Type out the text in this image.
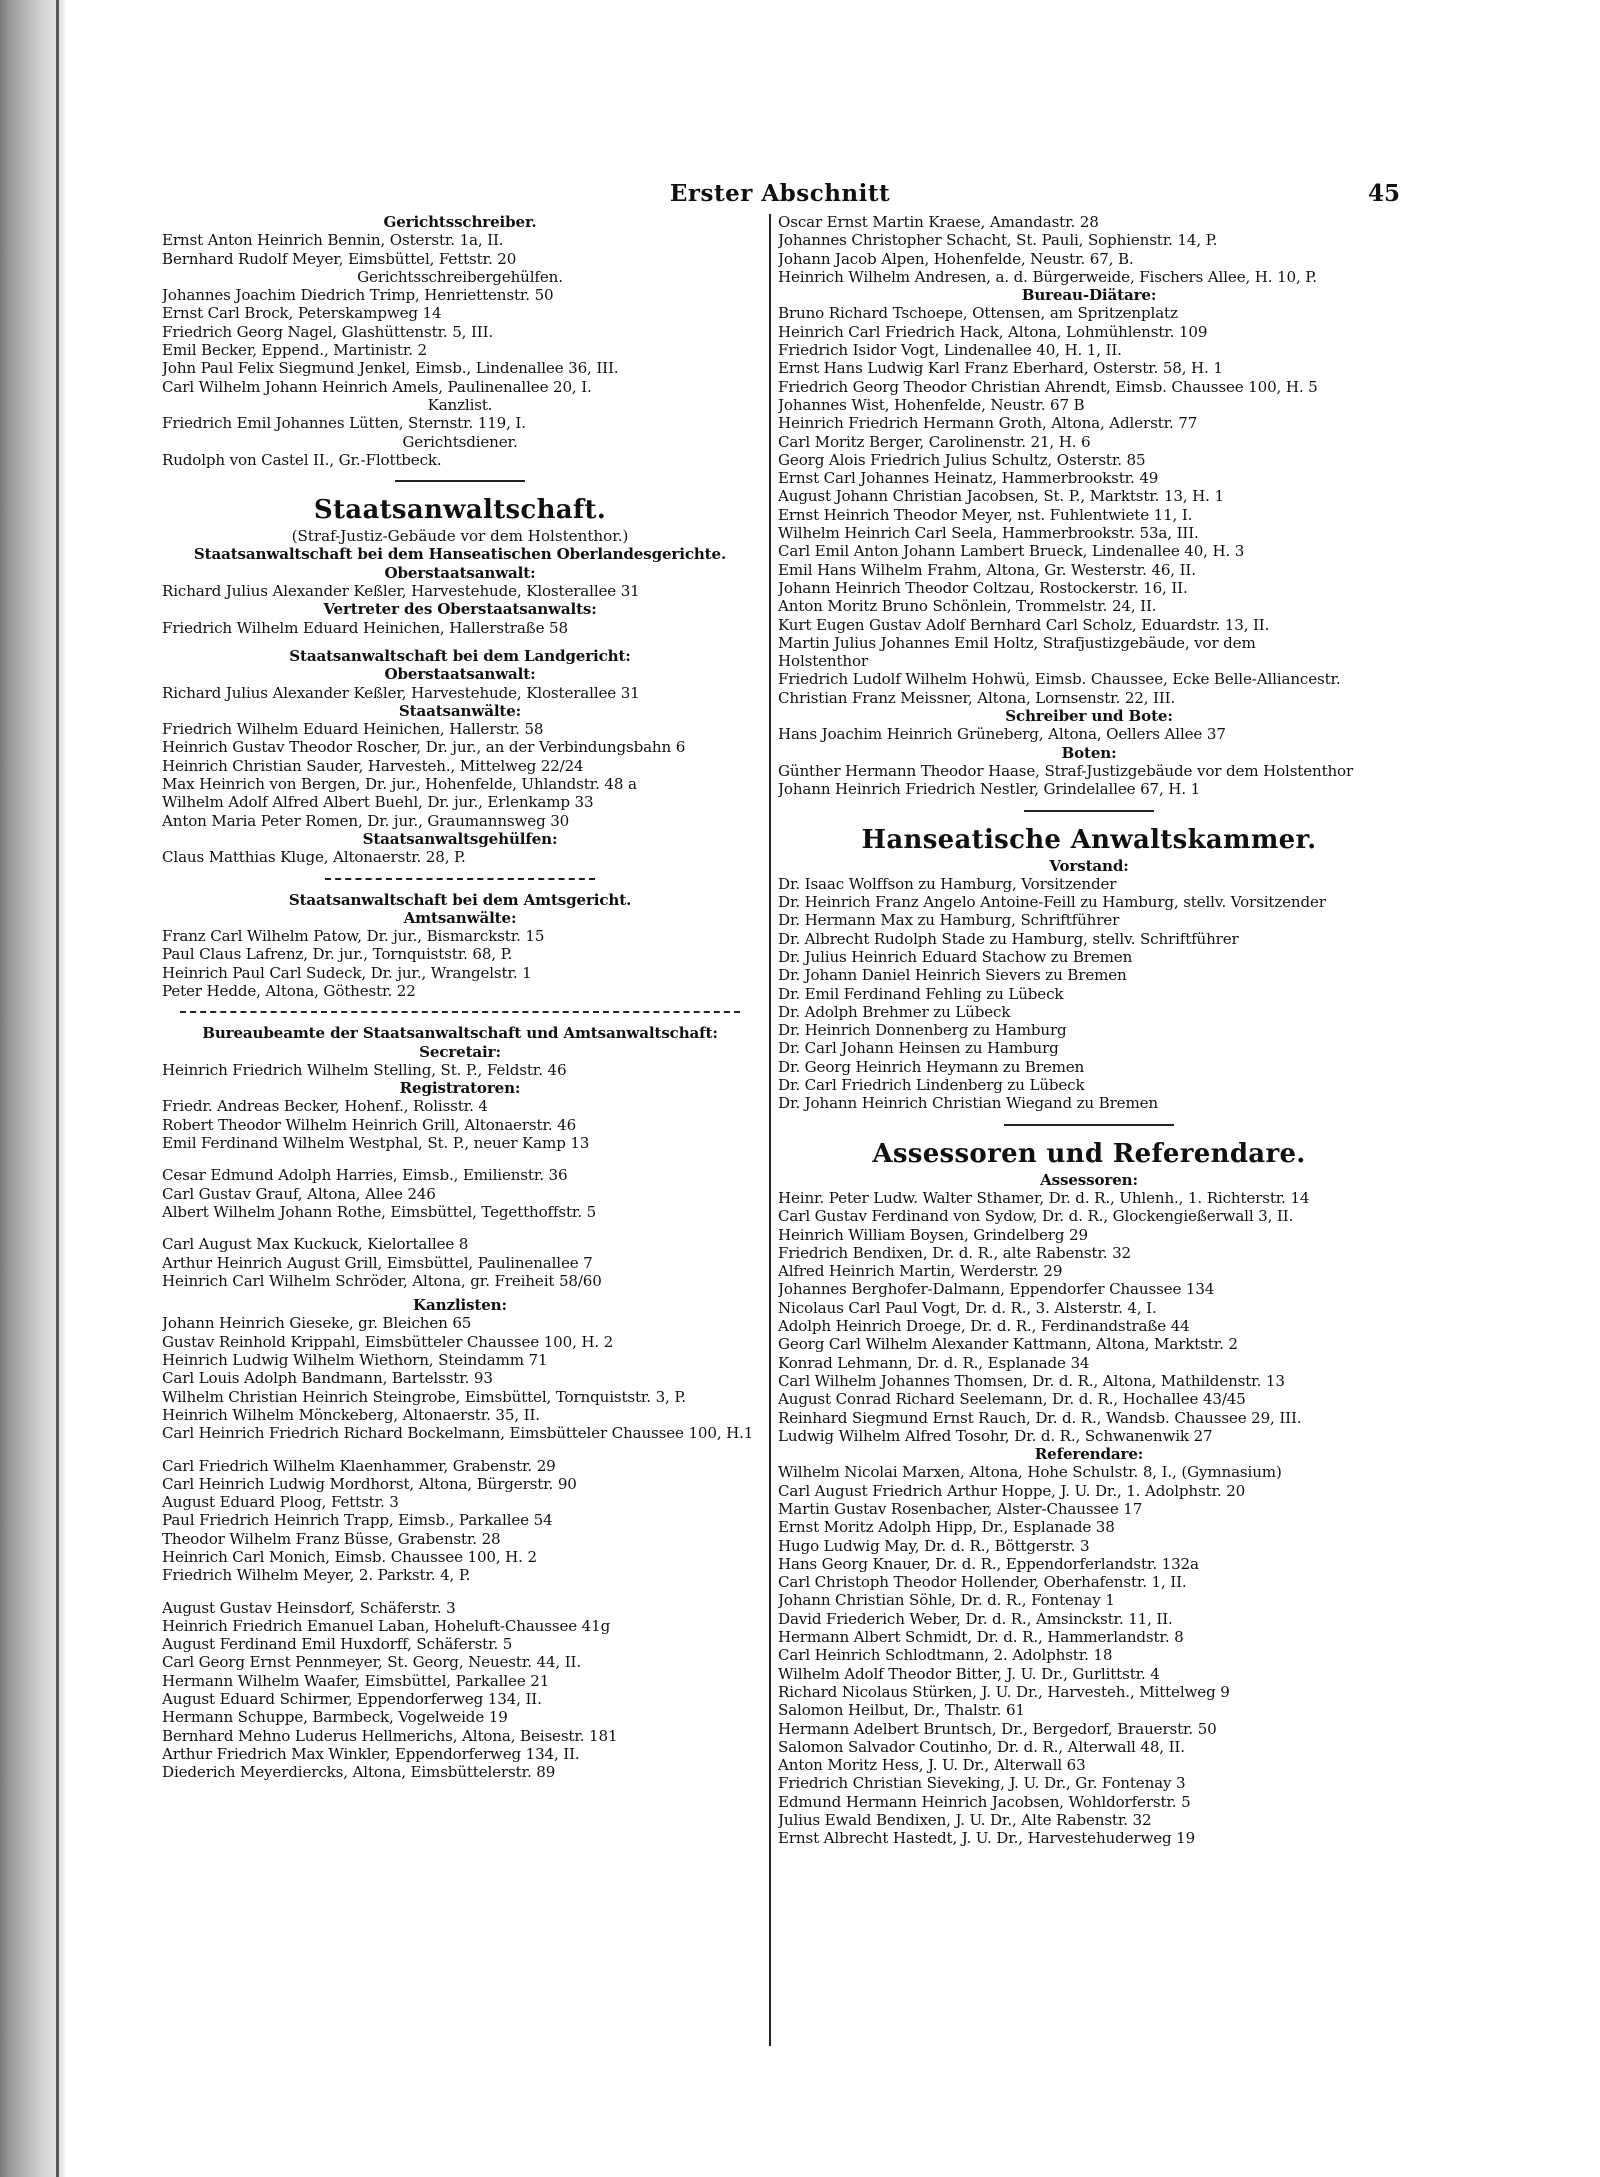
Erster Abschnitt	45
Gerichtsschreiber.
Ernst Anton Heinrich Bennin, Osterstr. 1a, II.
Bernhard Rudolf Meyer, Eimsbüttel, Fettstr. 20
Gerichtsschreibergehülfen.
Johannes Joachim Diedrich Trimp, Henriettenstr. 50
Ernst Carl Brock, Peterskampweg 14
Friedrich Georg Nagel, Glashüttenstr. 5, III.
Emil Becker, Eppend., Martinistr. 2
John Paul Felix Siegmund Jenkel, Eimsb., Lindenallee 36, III.
Carl Wilhelm Johann Heinrich Amels, Paulinenallee 20, I.
Kanzlist.
Friedrich Emil Johannes Lütten, Sternstr. 119, I.
Gerichtsdiener.
Rudolph von Castel II., Gr.-Flottbeck.
Staatsanwaltschaft.
(Straf-Justiz-Gebäude vor dem Holstenthor.)
Staatsanwaltschaft bei dem Hanseatischen Oberlandesgerichte.
Oberstaatsanwalt:
Richard Julius Alexander Keßler, Harvestehude, Klosterallee 31
Vertreter des Oberstaatsanwalts:
Friedrich Wilhelm Eduard Heinichen, Hallerstraße 58
Staatsanwaltschaft bei dem Landgericht:
Oberstaatsanwalt:
Richard Julius Alexander Keßler, Harvestehude, Klosterallee 31
Staatsanwälte:
Friedrich Wilhelm Eduard Heinichen, Hallerstr. 58
Heinrich Gustav Theodor Roscher, Dr. jur., an der Verbindungsbahn 6
Heinrich Christian Sauder, Harvesteh., Mittelweg 22/24
Max Heinrich von Bergen, Dr. jur., Hohenfelde, Uhlandstr. 48 a
Wilhelm Adolf Alfred Albert Buehl, Dr. jur., Erlenkamp 33
Anton Maria Peter Romen, Dr. jur., Graumannsweg 30
Staatsanwaltsgehülfen:
Claus Matthias Kluge, Altonaerstr. 28, P.
Staatsanwaltschaft bei dem Amtsgericht.
Amtsanwälte:
Franz Carl Wilhelm Patow, Dr. jur., Bismarckstr. 15
Paul Claus Lafrenz, Dr. jur., Tornquiststr. 68, P.
Heinrich Paul Carl Sudeck, Dr. jur., Wrangelstr. 1
Peter Hedde, Altona, Göthestr. 22
Bureaubeamte der Staatsanwaltschaft und Amtsanwaltschaft:
Secretair:
Heinrich Friedrich Wilhelm Stelling, St. P., Feldstr. 46
Registratoren:
Friedr. Andreas Becker, Hohenf., Rolisstr. 4
Robert Theodor Wilhelm Heinrich Grill, Altonaerstr. 46
Emil Ferdinand Wilhelm Westphal, St. P., neuer Kamp 13
Cesar Edmund Adolph Harries, Eimsb., Emilienstr. 36
Carl Gustav Grauf, Altona, Allee 246
Albert Wilhelm Johann Rothe, Eimsbüttel, Tegetthoffstr. 5
Carl August Max Kuckuck, Kielortallee 8
Arthur Heinrich August Grill, Eimsbüttel, Paulinenallee 7
Heinrich Carl Wilhelm Schröder, Altona, gr. Freiheit 58/60
Kanzlisten:
Johann Heinrich Gieseke, gr. Bleichen 65
Gustav Reinhold Krippahl, Eimsbütteler Chaussee 100, H. 2
Heinrich Ludwig Wilhelm Wiethorn, Steindamm 71
Carl Louis Adolph Bandmann, Bartelsstr. 93
Wilhelm Christian Heinrich Steingrobe, Eimsbüttel, Tornquiststr. 3, P.
Heinrich Wilhelm Mönckeberg, Altonaerstr. 35, II.
Carl Heinrich Friedrich Richard Bockelmann, Eimsbütteler Chaussee 100, H.1
Carl Friedrich Wilhelm Klaenhammer, Grabenstr. 29
Carl Heinrich Ludwig Mordhorst, Altona, Bürgerstr. 90
August Eduard Ploog, Fettstr. 3
Paul Friedrich Heinrich Trapp, Eimsb., Parkallee 54
Theodor Wilhelm Franz Büsse, Grabenstr. 28
Heinrich Carl Monich, Eimsb. Chaussee 100, H. 2
Friedrich Wilhelm Meyer, 2. Parkstr. 4, P.
August Gustav Heinsdorf, Schäferstr. 3
Heinrich Friedrich Emanuel Laban, Hoheluft-Chaussee 41g
August Ferdinand Emil Huxdorff, Schäferstr. 5
Carl Georg Ernst Pennmeyer, St. Georg, Neuestr. 44, II.
Hermann Wilhelm Waafer, Eimsbüttel, Parkallee 21
August Eduard Schirmer, Eppendorferweg 134, II.
Hermann Schuppe, Barmbeck, Vogelweide 19
Bernhard Mehno Luderus Hellmerichs, Altona, Beisestr. 181
Arthur Friedrich Max Winkler, Eppendorferweg 134, II.
Diederich Meyerdiercks, Altona, Eimsbüttelerstr. 89
Oscar Ernst Martin Kraese, Amandastr. 28
Johannes Christopher Schacht, St. Pauli, Sophienstr. 14, P.
Johann Jacob Alpen, Hohenfelde, Neustr. 67, B.
Heinrich Wilhelm Andresen, a. d. Bürgerweide, Fischers Allee, H. 10, P.
Bureau-Diätare:
Bruno Richard Tschoepe, Ottensen, am Spritzenplatz
Heinrich Carl Friedrich Hack, Altona, Lohmühlenstr. 109
Friedrich Isidor Vogt, Lindenallee 40, H. 1, II.
Ernst Hans Ludwig Karl Franz Eberhard, Osterstr. 58, H. 1
Friedrich Georg Theodor Christian Ahrendt, Eimsb. Chaussee 100, H. 5
Johannes Wist, Hohenfelde, Neustr. 67 B
Heinrich Friedrich Hermann Groth, Altona, Adlerstr. 77
Carl Moritz Berger, Carolinenstr. 21, H. 6
Georg Alois Friedrich Julius Schultz, Osterstr. 85
Ernst Carl Johannes Heinatz, Hammerbrookstr. 49
August Johann Christian Jacobsen, St. P., Marktstr. 13, H. 1
Ernst Heinrich Theodor Meyer, nst. Fuhlentwiete 11, I.
Wilhelm Heinrich Carl Seela, Hammerbrookstr. 53a, III.
Carl Emil Anton Johann Lambert Brueck, Lindenallee 40, H. 3
Emil Hans Wilhelm Frahm, Altona, Gr. Westerstr. 46, II.
Johann Heinrich Theodor Coltzau, Rostockerstr. 16, II.
Anton Moritz Bruno Schönlein, Trommelstr. 24, II.
Kurt Eugen Gustav Adolf Bernhard Carl Scholz, Eduardstr. 13, II.
Martin Julius Johannes Emil Holtz, Strafjustizgebäude, vor dem
Holstenthor
Friedrich Ludolf Wilhelm Hohwü, Eimsb. Chaussee, Ecke Belle-Alliancestr.
Christian Franz Meissner, Altona, Lornsenstr. 22, III.
Schreiber und Bote:
Hans Joachim Heinrich Grüneberg, Altona, Oellers Allee 37
Boten:
Günther Hermann Theodor Haase, Straf-Justizgebäude vor dem Holstenthor
Johann Heinrich Friedrich Nestler, Grindelallee 67, H. 1
Hanseatische Anwaltskammer.
Vorstand:
Dr. Isaac Wolffson zu Hamburg, Vorsitzender
Dr. Heinrich Franz Angelo Antoine-Feill zu Hamburg, stellv. Vorsitzender
Dr. Hermann Max zu Hamburg, Schriftführer
Dr. Albrecht Rudolph Stade zu Hamburg, stellv. Schriftführer
Dr. Julius Heinrich Eduard Stachow zu Bremen
Dr. Johann Daniel Heinrich Sievers zu Bremen
Dr. Emil Ferdinand Fehling zu Lübeck
Dr. Adolph Brehmer zu Lübeck
Dr. Heinrich Donnenberg zu Hamburg
Dr. Carl Johann Heinsen zu Hamburg
Dr. Georg Heinrich Heymann zu Bremen
Dr. Carl Friedrich Lindenberg zu Lübeck
Dr. Johann Heinrich Christian Wiegand zu Bremen
Assessoren und Referendare.
Assessoren:
Heinr. Peter Ludw. Walter Sthamer, Dr. d. R., Uhlenh., 1. Richterstr. 14
Carl Gustav Ferdinand von Sydow, Dr. d. R., Glockengießerwall 3, II.
Heinrich William Boysen, Grindelberg 29
Friedrich Bendixen, Dr. d. R., alte Rabenstr. 32
Alfred Heinrich Martin, Werderstr. 29
Johannes Berghofer-Dalmann, Eppendorfer Chaussee 134
Nicolaus Carl Paul Vogt, Dr. d. R., 3. Alsterstr. 4, I.
Adolph Heinrich Droege, Dr. d. R., Ferdinandstraße 44
Georg Carl Wilhelm Alexander Kattmann, Altona, Marktstr. 2
Konrad Lehmann, Dr. d. R., Esplanade 34
Carl Wilhelm Johannes Thomsen, Dr. d. R., Altona, Mathildenstr. 13
August Conrad Richard Seelemann, Dr. d. R., Hochallee 43/45
Reinhard Siegmund Ernst Rauch, Dr. d. R., Wandsb. Chaussee 29, III.
Ludwig Wilhelm Alfred Tosohr, Dr. d. R., Schwanenwik 27
Referendare:
Wilhelm Nicolai Marxen, Altona, Hohe Schulstr. 8, I., (Gymnasium)
Carl August Friedrich Arthur Hoppe, J. U. Dr., 1. Adolphstr. 20
Martin Gustav Rosenbacher, Alster-Chaussee 17
Ernst Moritz Adolph Hipp, Dr., Esplanade 38
Hugo Ludwig May, Dr. d. R., Böttgerstr. 3
Hans Georg Knauer, Dr. d. R., Eppendorferlandstr. 132a
Carl Christoph Theodor Hollender, Oberhafenstr. 1, II.
Johann Christian Söhle, Dr. d. R., Fontenay 1
David Friederich Weber, Dr. d. R., Amsinckstr. 11, II.
Hermann Albert Schmidt, Dr. d. R., Hammerlandstr. 8
Carl Heinrich Schlodtmann, 2. Adolphstr. 18
Wilhelm Adolf Theodor Bitter, J. U. Dr., Gurlittstr. 4
Richard Nicolaus Stürken, J. U. Dr., Harvesteh., Mittelweg 9
Salomon Heilbut, Dr., Thalstr. 61
Hermann Adelbert Bruntsch, Dr., Bergedorf, Brauerstr. 50
Salomon Salvador Coutinho, Dr. d. R., Alterwall 48, II.
Anton Moritz Hess, J. U. Dr., Alterwall 63
Friedrich Christian Sieveking, J. U. Dr., Gr. Fontenay 3
Edmund Hermann Heinrich Jacobsen, Wohldorferstr. 5
Julius Ewald Bendixen, J. U. Dr., Alte Rabenstr. 32
Ernst Albrecht Hastedt, J. U. Dr., Harvestehuderweg 19
